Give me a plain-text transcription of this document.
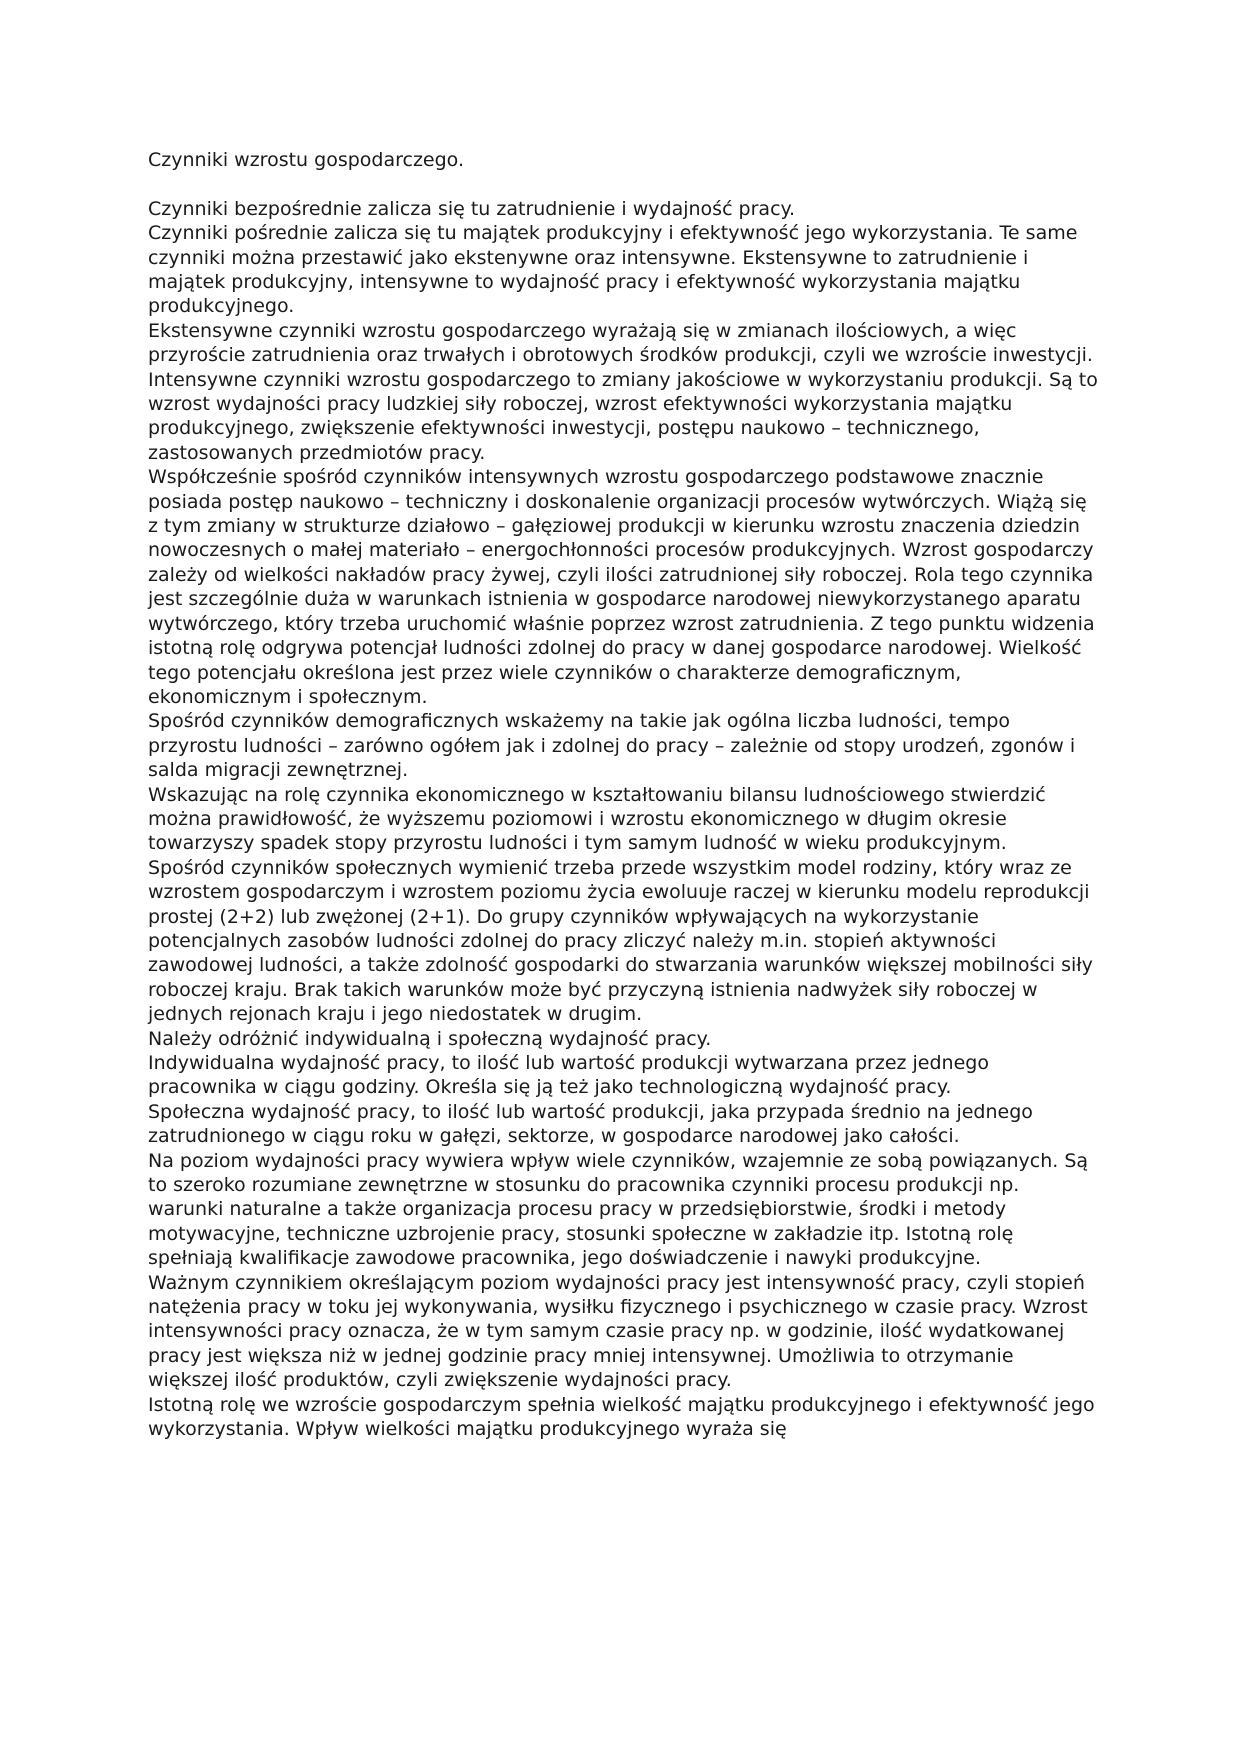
Czynniki wzrostu gospodarczego.

Czynniki bezpośrednie zalicza się tu zatrudnienie i wydajność pracy.

Czynniki pośrednie zalicza się tu majątek produkcyjny i efektywność jego wykorzystania. Te same czynniki można przestawić jako ekstenywne oraz intensywne. Ekstensywne to zatrudnienie i majątek produkcyjny, intensywne to wydajność pracy i efektywność wykorzystania majątku produkcyjnego.

Ekstensywne czynniki wzrostu gospodarczego wyrażają się w zmianach ilościowych, a więc przyroście zatrudnienia oraz trwałych i obrotowych środków produkcji, czyli we wzroście inwestycji.

Intensywne czynniki wzrostu gospodarczego to zmiany jakościowe w wykorzystaniu produkcji. Są to wzrost wydajności pracy ludzkiej siły roboczej, wzrost efektywności wykorzystania majątku produkcyjnego, zwiększenie efektywności inwestycji, postępu naukowo – technicznego, zastosowanych przedmiotów pracy.

Współcześnie spośród czynników intensywnych wzrostu gospodarczego podstawowe znacznie posiada postęp naukowo – techniczny i doskonalenie organizacji procesów wytwórczych. Wiążą się z tym zmiany w strukturze działowo – gałęziowej produkcji w kierunku wzrostu znaczenia dziedzin nowoczesnych o małej materiało – energochłonności procesów produkcyjnych. Wzrost gospodarczy zależy od wielkości nakładów pracy żywej, czyli ilości zatrudnionej siły roboczej. Rola tego czynnika jest szczególnie duża w warunkach istnienia w gospodarce narodowej niewykorzystanego aparatu wytwórczego, który trzeba uruchomić właśnie poprzez wzrost zatrudnienia. Z tego punktu widzenia istotną rolę odgrywa potencjał ludności zdolnej do pracy w danej gospodarce narodowej. Wielkość tego potencjału określona jest przez wiele czynników o charakterze demograficznym, ekonomicznym i społecznym.

Spośród czynników demograficznych wskażemy na takie jak ogólna liczba ludności, tempo przyrostu ludności – zarówno ogółem jak i zdolnej do pracy – zależnie od stopy urodzeń, zgonów i salda migracji zewnętrznej.

Wskazując na rolę czynnika ekonomicznego w kształtowaniu bilansu ludnościowego stwierdzić można prawidłowość, że wyższemu poziomowi i wzrostu ekonomicznego w długim okresie towarzyszy spadek stopy przyrostu ludności i tym samym ludność w wieku produkcyjnym.

Spośród czynników społecznych wymienić trzeba przede wszystkim model rodziny, który wraz ze wzrostem gospodarczym i wzrostem poziomu życia ewoluuje raczej w kierunku modelu reprodukcji prostej (2+2) lub zwężonej (2+1). Do grupy czynników wpływających na wykorzystanie potencjalnych zasobów ludności zdolnej do pracy zliczyć należy m.in. stopień aktywności zawodowej ludności, a także zdolność gospodarki do stwarzania warunków większej mobilności siły roboczej kraju. Brak takich warunków może być przyczyną istnienia nadwyżek siły roboczej w jednych rejonach kraju i jego niedostatek w drugim.

Należy odróżnić indywidualną i społeczną wydajność pracy.

Indywidualna wydajność pracy, to ilość lub wartość produkcji wytwarzana przez jednego pracownika w ciągu godziny. Określa się ją też jako technologiczną wydajność pracy.

Społeczna wydajność pracy, to ilość lub wartość produkcji, jaka przypada średnio na jednego zatrudnionego w ciągu roku w gałęzi, sektorze, w gospodarce narodowej jako całości.

Na poziom wydajności pracy wywiera wpływ wiele czynników, wzajemnie ze sobą powiązanych. Są to szeroko rozumiane zewnętrzne w stosunku do pracownika czynniki procesu produkcji np. warunki naturalne a także organizacja procesu pracy w przedsiębiorstwie, środki i metody motywacyjne, techniczne uzbrojenie pracy, stosunki społeczne w zakładzie itp. Istotną rolę spełniają kwalifikacje zawodowe pracownika, jego doświadczenie i nawyki produkcyjne.

Ważnym czynnikiem określającym poziom wydajności pracy jest intensywność pracy, czyli stopień natężenia pracy w toku jej wykonywania, wysiłku fizycznego i psychicznego w czasie pracy. Wzrost intensywności pracy oznacza, że w tym samym czasie pracy np. w godzinie, ilość wydatkowanej pracy jest większa niż w jednej godzinie pracy mniej intensywnej. Umożliwia to otrzymanie większej ilość produktów, czyli zwiększenie wydajności pracy.

Istotną rolę we wzroście gospodarczym spełnia wielkość majątku produkcyjnego i efektywność jego wykorzystania. Wpływ wielkości majątku produkcyjnego wyraża się
